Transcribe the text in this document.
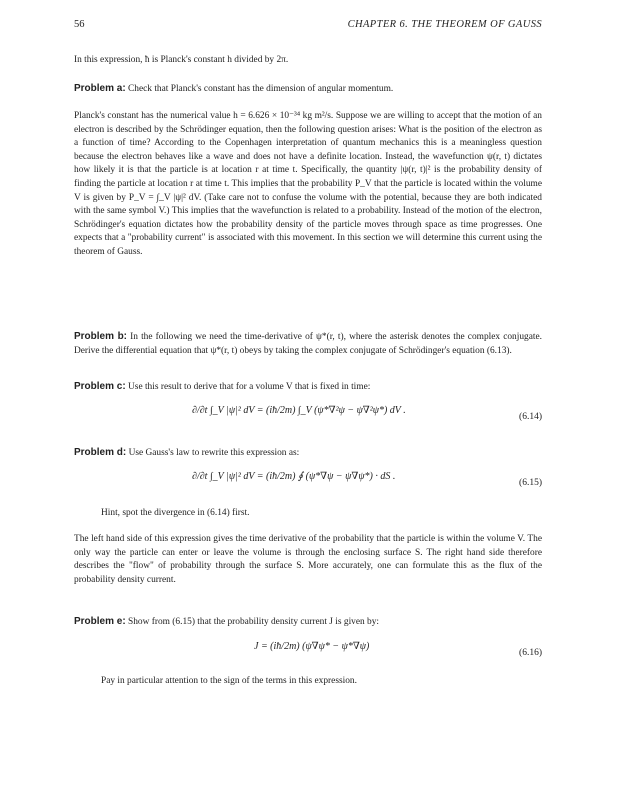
56	CHAPTER 6. THE THEOREM OF GAUSS

In this expression, ħ is Planck's constant h divided by 2π.

Problem a: Check that Planck's constant has the dimension of angular momentum.

Planck's constant has the numerical value h = 6.626 × 10⁻³⁴ kg m²/s. Suppose we are willing to accept that the motion of an electron is described by the Schrödinger equation, then the following question arises: What is the position of the electron as a function of time? According to the Copenhagen interpretation of quantum mechanics this is a meaningless question because the electron behaves like a wave and does not have a definite location. Instead, the wavefunction ψ(r, t) dictates how likely it is that the particle is at location r at time t. Specifically, the quantity |ψ(r, t)|² is the probability density of finding the particle at location r at time t. This implies that the probability P_V that the particle is located within the volume V is given by P_V = ∫_V |ψ|² dV. (Take care not to confuse the volume with the potential, because they are both indicated with the same symbol V.) This implies that the wavefunction is related to a probability. Instead of the motion of the electron, Schrödinger's equation dictates how the probability density of the particle moves through space as time progresses. One expects that a "probability current" is associated with this movement. In this section we will determine this current using the theorem of Gauss.

Problem b: In the following we need the time-derivative of ψ*(r, t), where the asterisk denotes the complex conjugate. Derive the differential equation that ψ*(r, t) obeys by taking the complex conjugate of Schrödinger's equation (6.13).

Problem c: Use this result to derive that for a volume V that is fixed in time:

∂/∂t ∫_V |ψ|² dV = (iħ/2m) ∫_V (ψ*∇²ψ − ψ∇²ψ*) dV .
(6.14)

Problem d: Use Gauss's law to rewrite this expression as:

∂/∂t ∫_V |ψ|² dV = (iħ/2m) ∮ (ψ*∇ψ − ψ∇ψ*) · dS .
(6.15)

Hint, spot the divergence in (6.14) first.

The left hand side of this expression gives the time derivative of the probability that the particle is within the volume V. The only way the particle can enter or leave the volume is through the enclosing surface S. The right hand side therefore describes the "flow" of probability through the surface S. More accurately, one can formulate this as the flux of the probability density current.

Problem e: Show from (6.15) that the probability density current J is given by:

J = (iħ/2m) (ψ∇ψ* − ψ*∇ψ)
(6.16)

Pay in particular attention to the sign of the terms in this expression.
